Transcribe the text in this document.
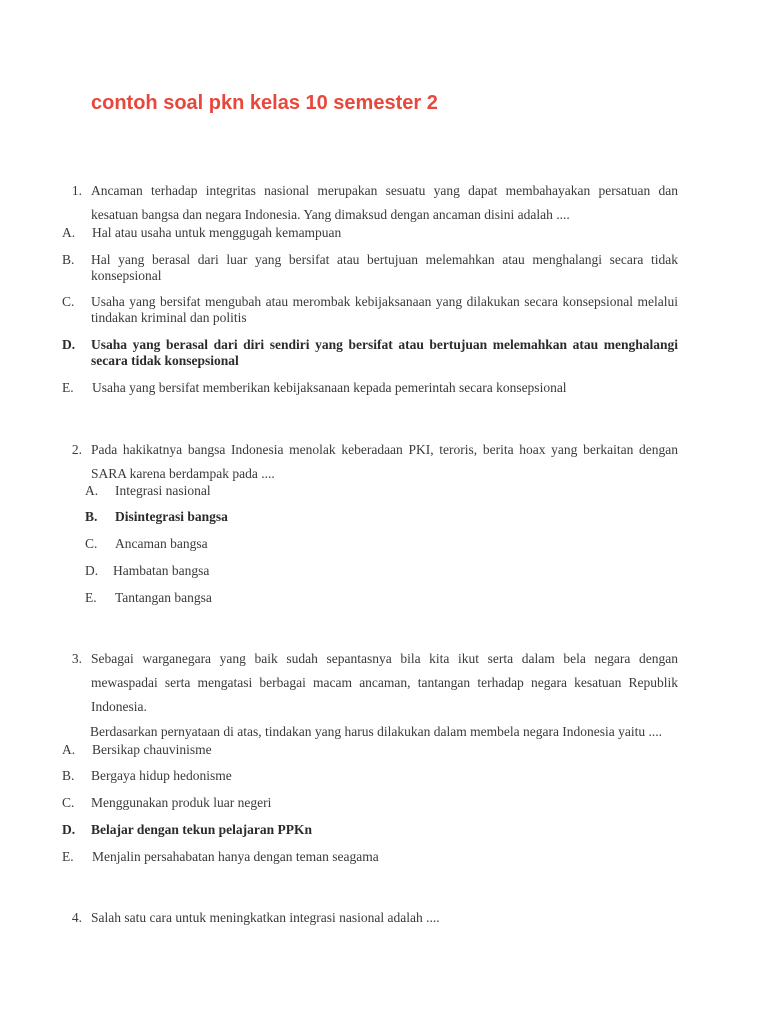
contoh soal pkn kelas 10 semester 2
1. Ancaman terhadap integritas nasional merupakan sesuatu yang dapat membahayakan persatuan dan kesatuan bangsa dan negara Indonesia. Yang dimaksud dengan ancaman disini adalah ....
A. Hal atau usaha untuk menggugah kemampuan
B. Hal yang berasal dari luar yang bersifat atau bertujuan melemahkan atau menghalangi secara tidak konsepsional
C. Usaha yang bersifat mengubah atau merombak kebijaksanaan yang dilakukan secara konsepsional melalui tindakan kriminal dan politis
D. Usaha yang berasal dari diri sendiri yang bersifat atau bertujuan melemahkan atau menghalangi secara tidak konsepsional
E. Usaha yang bersifat memberikan kebijaksanaan kepada pemerintah secara konsepsional
2. Pada hakikatnya bangsa Indonesia menolak keberadaan PKI, teroris, berita hoax yang berkaitan dengan SARA karena berdampak pada ....
A. Integrasi nasional
B. Disintegrasi bangsa
C. Ancaman bangsa
D. Hambatan bangsa
E. Tantangan bangsa
3. Sebagai warganegara yang baik sudah sepantasnya bila kita ikut serta dalam bela negara dengan mewaspadai serta mengatasi berbagai macam ancaman, tantangan terhadap negara kesatuan Republik Indonesia.
Berdasarkan pernyataan di atas, tindakan yang harus dilakukan dalam membela negara Indonesia yaitu ....
A. Bersikap chauvinisme
B. Bergaya hidup hedonisme
C. Menggunakan produk luar negeri
D. Belajar dengan tekun pelajaran PPKn
E. Menjalin persahabatan hanya dengan teman seagama
4. Salah satu cara untuk meningkatkan integrasi nasional adalah ....
